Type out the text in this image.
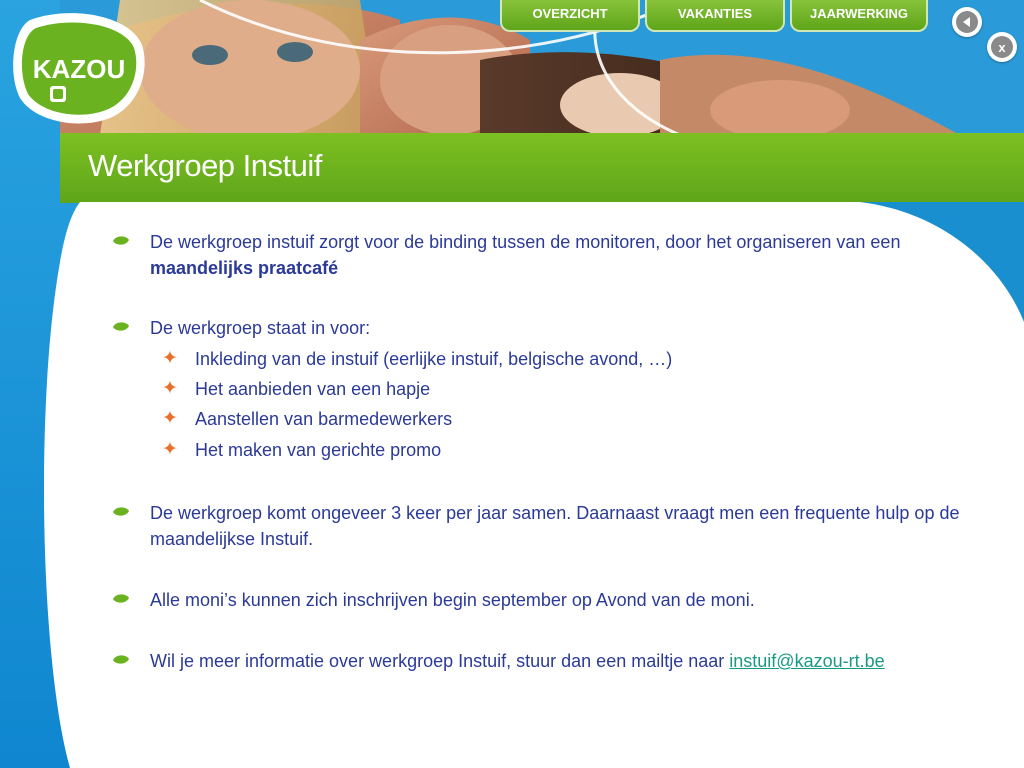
Werkgroep Instuif
KAZOU
OVERZICHT	VAKANTIES	JAARWERKING
x
De werkgroep instuif zorgt voor de binding tussen de monitoren, door het organiseren van een
maandelijks praatcafé
De werkgroep staat in voor:
✦ Inkleding van de instuif (eerlijke instuif, belgische avond, …)
✦ Het aanbieden van een hapje
✦ Aanstellen van barmedewerkers
✦ Het maken van gerichte promo
De werkgroep komt ongeveer 3 keer per jaar samen. Daarnaast vraagt men een frequente hulp op de
maandelijkse Instuif.
Alle moni’s kunnen zich inschrijven begin september op Avond van de moni.
Wil je meer informatie over werkgroep Instuif, stuur dan een mailtje naar instuif@kazou-rt.be
